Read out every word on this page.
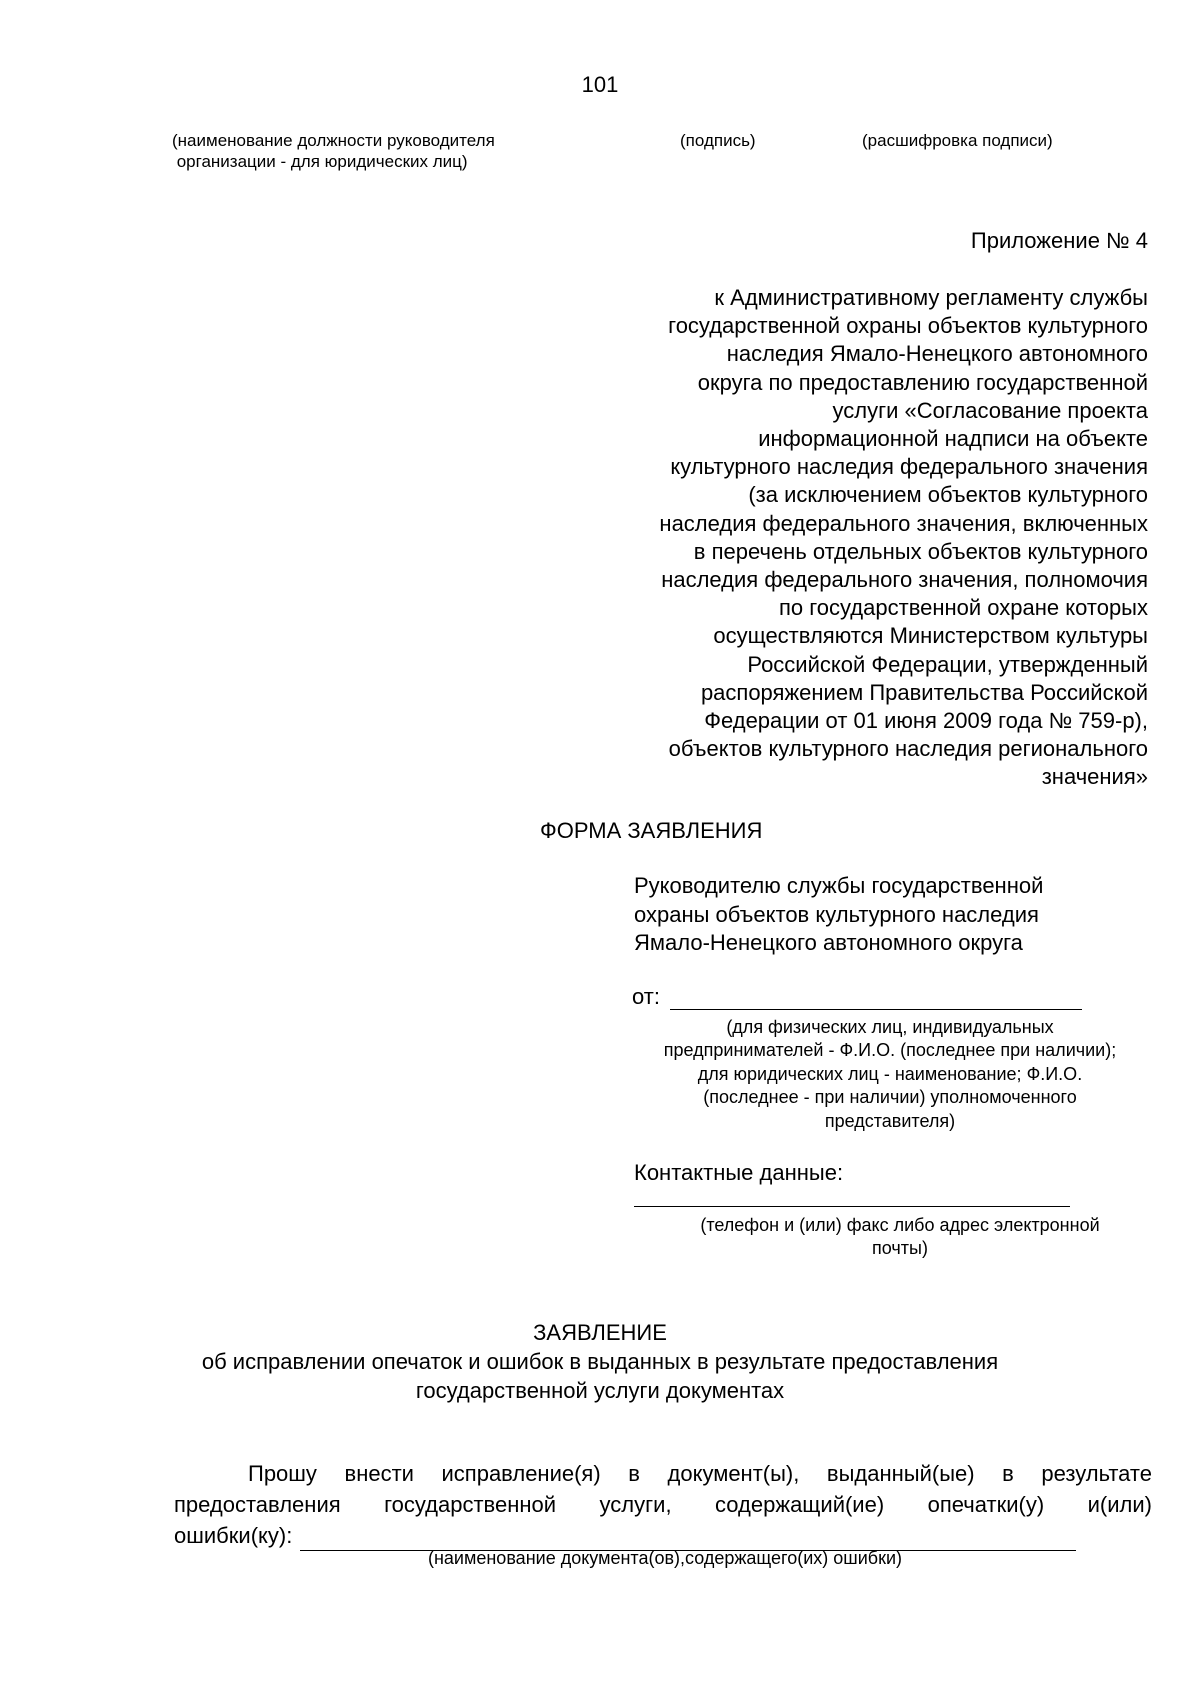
101
(наименование должности руководителя
организации - для юридических лиц)
(подпись)	(расшифровка подписи)
Приложение № 4
к Административному регламенту службы
государственной охраны объектов культурного
наследия Ямало-Ненецкого автономного
округа по предоставлению государственной
услуги «Согласование проекта
информационной надписи на объекте
культурного наследия федерального значения
(за исключением объектов культурного
наследия федерального значения, включенных
в перечень отдельных объектов культурного
наследия федерального значения, полномочия
по государственной охране которых
осуществляются Министерством культуры
Российской Федерации, утвержденный
распоряжением Правительства Российской
Федерации от 01 июня 2009 года № 759-р),
объектов культурного наследия регионального
значения»
ФОРМА ЗАЯВЛЕНИЯ
Руководителю службы государственной
охраны объектов культурного наследия
Ямало-Ненецкого автономного округа
от:
(для физических лиц, индивидуальных
предпринимателей - Ф.И.О. (последнее при наличии);
для юридических лиц - наименование; Ф.И.О.
(последнее - при наличии) уполномоченного
представителя)
Контактные данные:
(телефон и (или) факс либо адрес электронной
почты)
ЗАЯВЛЕНИЕ
об исправлении опечаток и ошибок в выданных в результате предоставления
государственной услуги документах
Прошу внести исправление(я) в документ(ы), выданный(ые) в результате
предоставления государственной услуги, содержащий(ие) опечатки(у) и(или)
ошибки(ку):
(наименование документа(ов),содержащего(их) ошибки)
